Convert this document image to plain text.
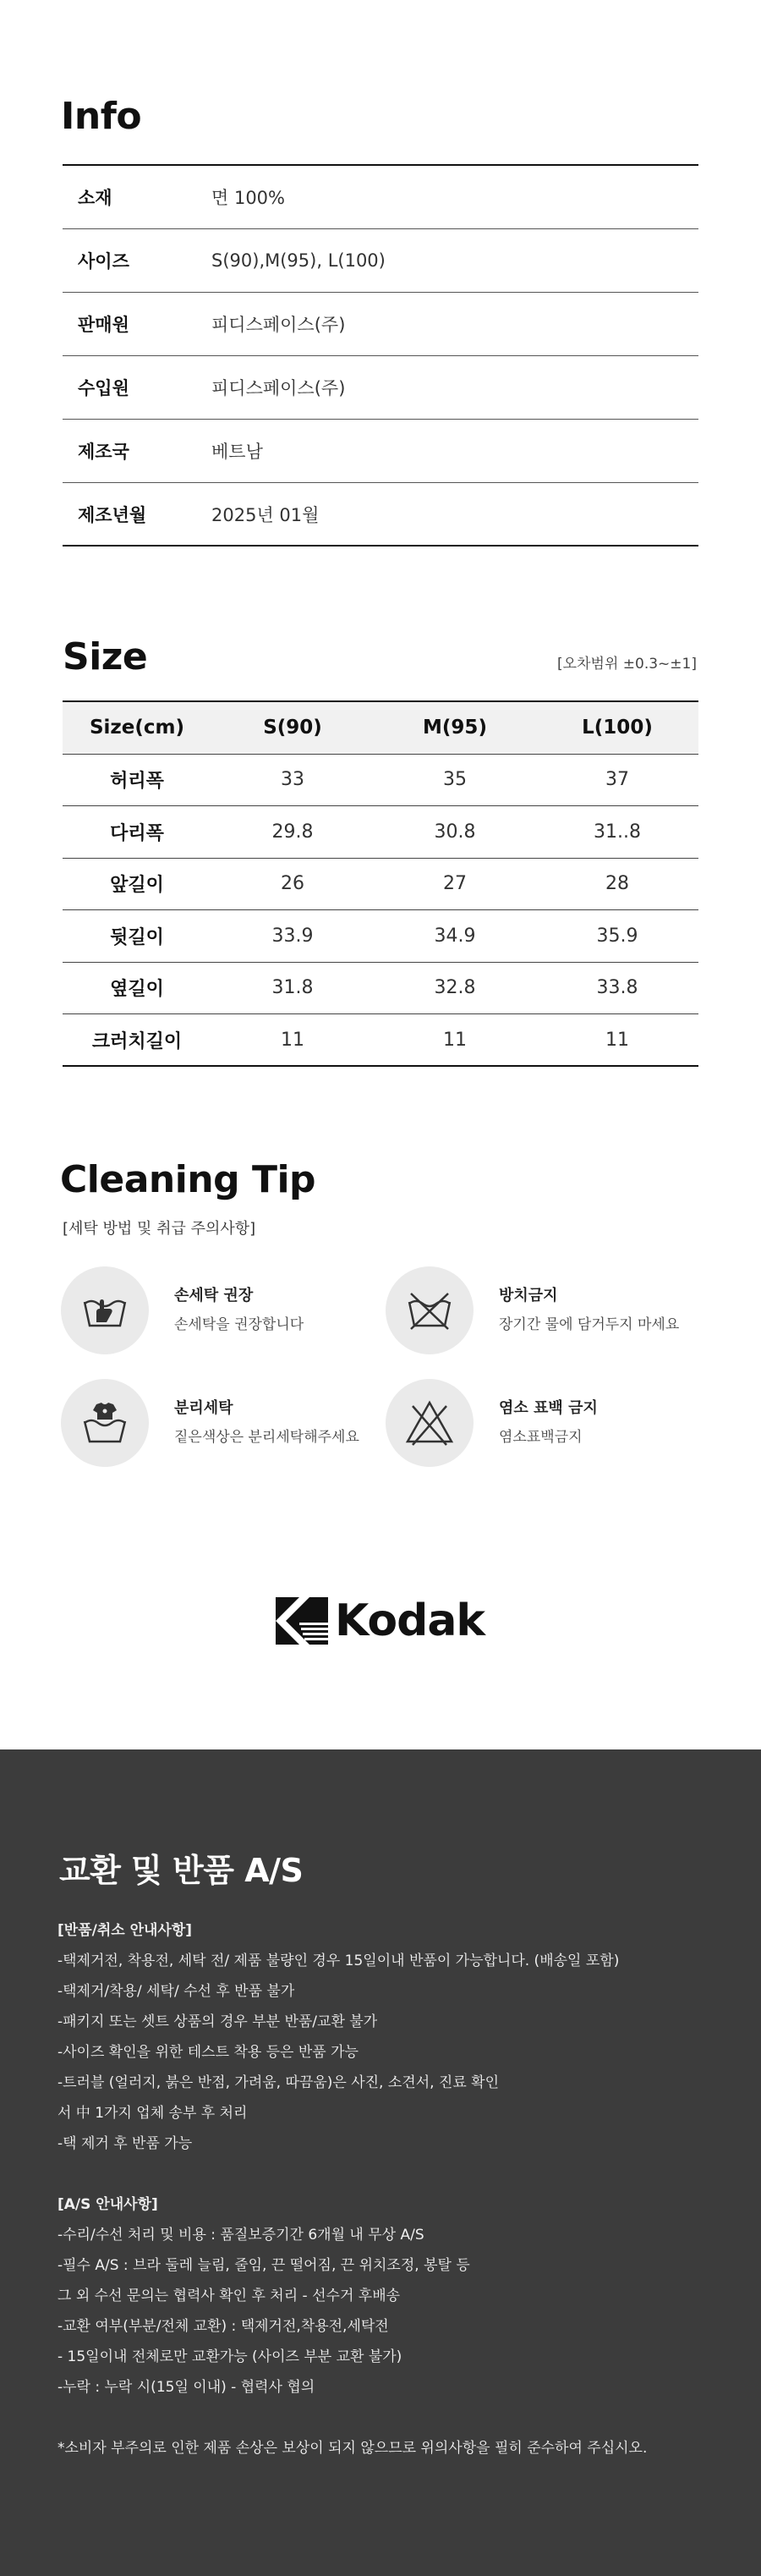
Info
소재	면 100%
사이즈	S(90),M(95), L(100)
판매원	피디스페이스(주)
수입원	피디스페이스(주)
제조국	베트남
제조년월	2025년 01월
Size	[오차범위 ±0.3~±1]
Size(cm)	S(90)	M(95)	L(100)
허리폭	33	35	37
다리폭	29.8	30.8	31..8
앞길이	26	27	28
뒷길이	33.9	34.9	35.9
옆길이	31.8	32.8	33.8
크러치길이	11	11	11
Cleaning Tip
[세탁 방법 및 취급 주의사항]
손세탁 권장
손세탁을 권장합니다
방치금지
장기간 물에 담거두지 마세요
분리세탁
짙은색상은 분리세탁해주세요
염소 표백 금지
염소표백금지
Kodak
교환 및 반품 A/S
[반품/취소 안내사항]
-택제거전, 착용전, 세탁 전/ 제품 불량인 경우 15일이내 반품이 가능합니다. (배송일 포함)
-택제거/착용/ 세탁/ 수선 후 반품 불가
-패키지 또는 셋트 상품의 경우 부분 반품/교환 불가
-사이즈 확인을 위한 테스트 착용 등은 반품 가능
-트러블 (얼러지, 붉은 반점, 가려움, 따끔움)은 사진, 소견서, 진료 확인
서 中 1가지 업체 송부 후 처리
-택 제거 후 반품 가능
[A/S 안내사항]
-수리/수선 처리 및 비용 : 품질보증기간 6개월 내 무상 A/S
-필수 A/S : 브라 둘레 늘림, 줄임, 끈 떨어짐, 끈 위치조정, 봉탈 등
그 외 수선 문의는 협력사 확인 후 처리 - 선수거 후배송
-교환 여부(부분/전체 교환) : 택제거전,착용전,세탁전
- 15일이내 전체로만 교환가능 (사이즈 부분 교환 불가)
-누락 : 누락 시(15일 이내) - 협력사 협의
*소비자 부주의로 인한 제품 손상은 보상이 되지 않으므로 위의사항을 필히 준수하여 주십시오.
